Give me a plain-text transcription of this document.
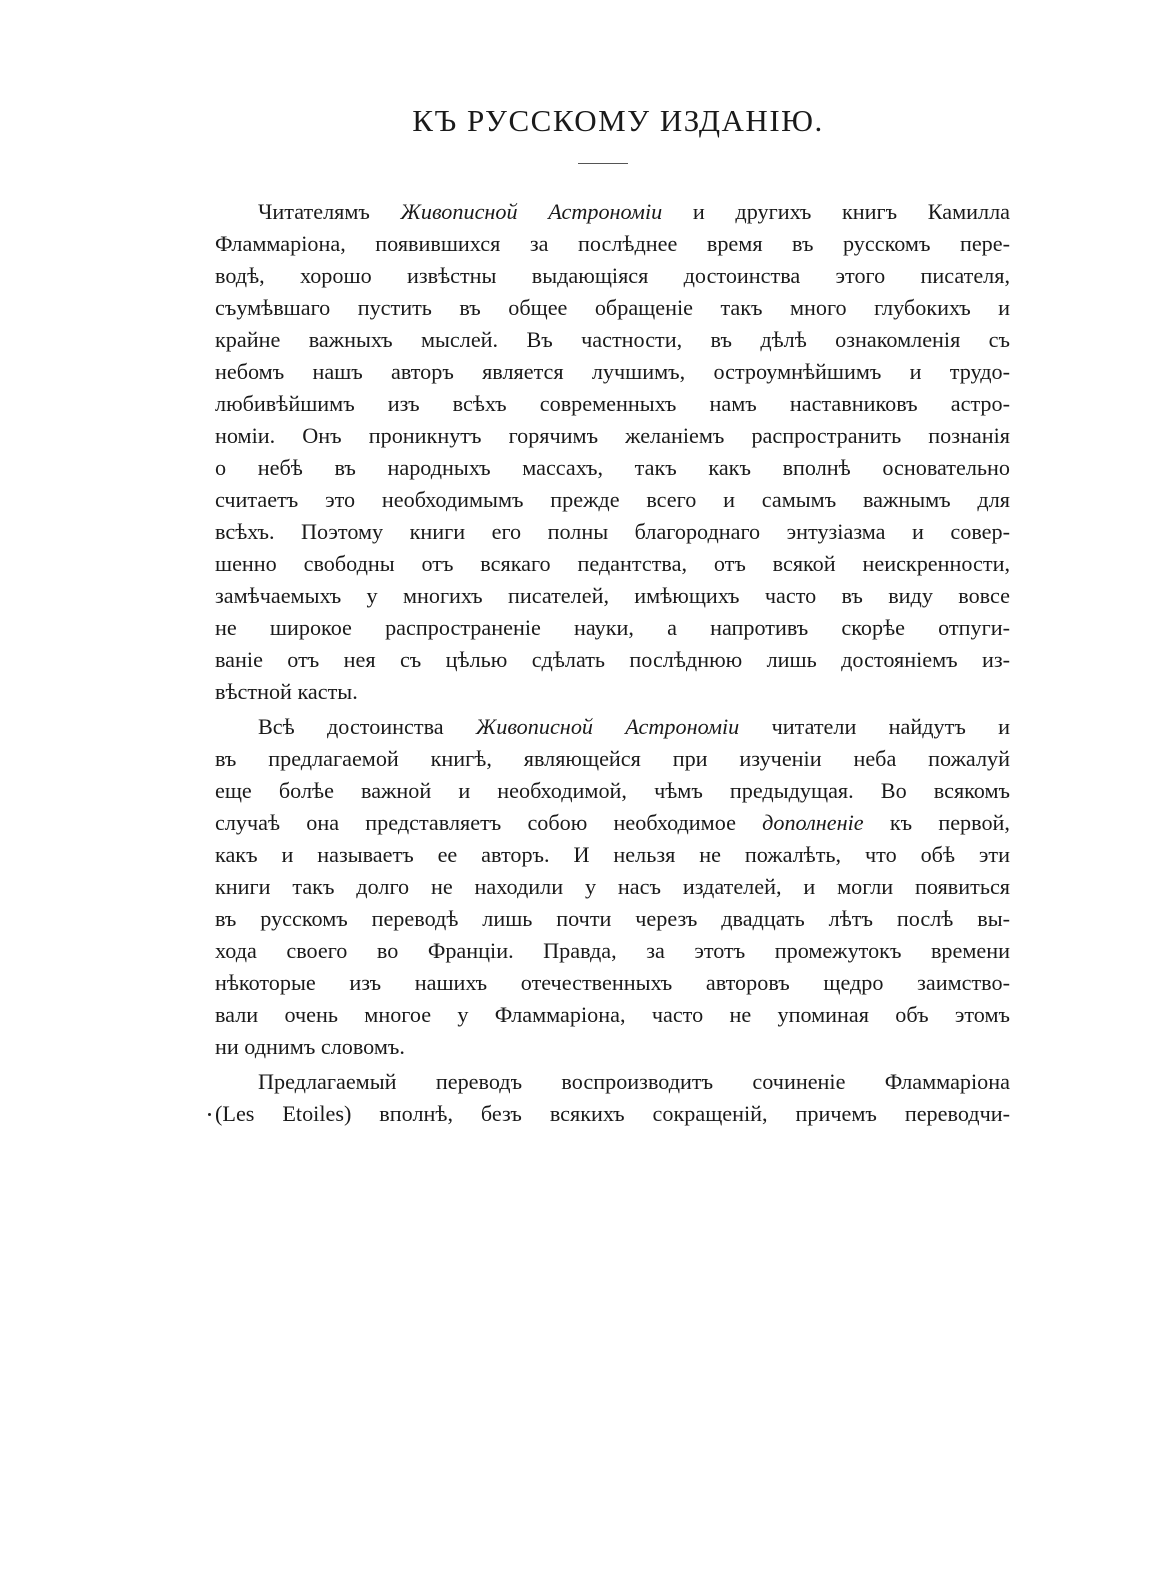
КЪ РУССКОМУ ИЗДАНІЮ.
Читателямъ Живописной Астрономіи и другихъ книгъ Камилла
Фламмаріона, появившихся за послѣднее время въ русскомъ пере-
водѣ, хорошо извѣстны выдающіяся достоинства этого писателя,
съумѣвшаго пустить въ общее обращеніе такъ много глубокихъ и
крайне важныхъ мыслей. Въ частности, въ дѣлѣ ознакомленія съ
небомъ нашъ авторъ является лучшимъ, остроумнѣйшимъ и трудо-
любивѣйшимъ изъ всѣхъ современныхъ намъ наставниковъ астро-
номіи. Онъ проникнутъ горячимъ желаніемъ распространить познанія
о небѣ въ народныхъ массахъ, такъ какъ вполнѣ основательно
считаетъ это необходимымъ прежде всего и самымъ важнымъ для
всѣхъ. Поэтому книги его полны благороднаго энтузіазма и совер-
шенно свободны отъ всякаго педантства, отъ всякой неискренности,
замѣчаемыхъ у многихъ писателей, имѣющихъ часто въ виду вовсе
не широкое распространеніе науки, а напротивъ скорѣе отпуги-
ваніе отъ нея съ цѣлью сдѣлать послѣднюю лишь достояніемъ из-
вѣстной касты.
Всѣ достоинства Живописной Астрономіи читатели найдутъ и
въ предлагаемой книгѣ, являющейся при изученіи неба пожалуй
еще болѣе важной и необходимой, чѣмъ предыдущая. Во всякомъ
случаѣ она представляетъ собою необходимое дополненіе къ первой,
какъ и называетъ ее авторъ. И нельзя не пожалѣть, что обѣ эти
книги такъ долго не находили у насъ издателей, и могли появиться
въ русскомъ переводѣ лишь почти черезъ двадцать лѣтъ послѣ вы-
хода своего во Франціи. Правда, за этотъ промежутокъ времени
нѣкоторые изъ нашихъ отечественныхъ авторовъ щедро заимство-
вали очень многое у Фламмаріона, часто не упоминая объ этомъ
ни однимъ словомъ.
Предлагаемый переводъ воспроизводитъ сочиненіе Фламмаріона
(Les Etoiles) вполнѣ, безъ всякихъ сокращеній, причемъ переводчи-
